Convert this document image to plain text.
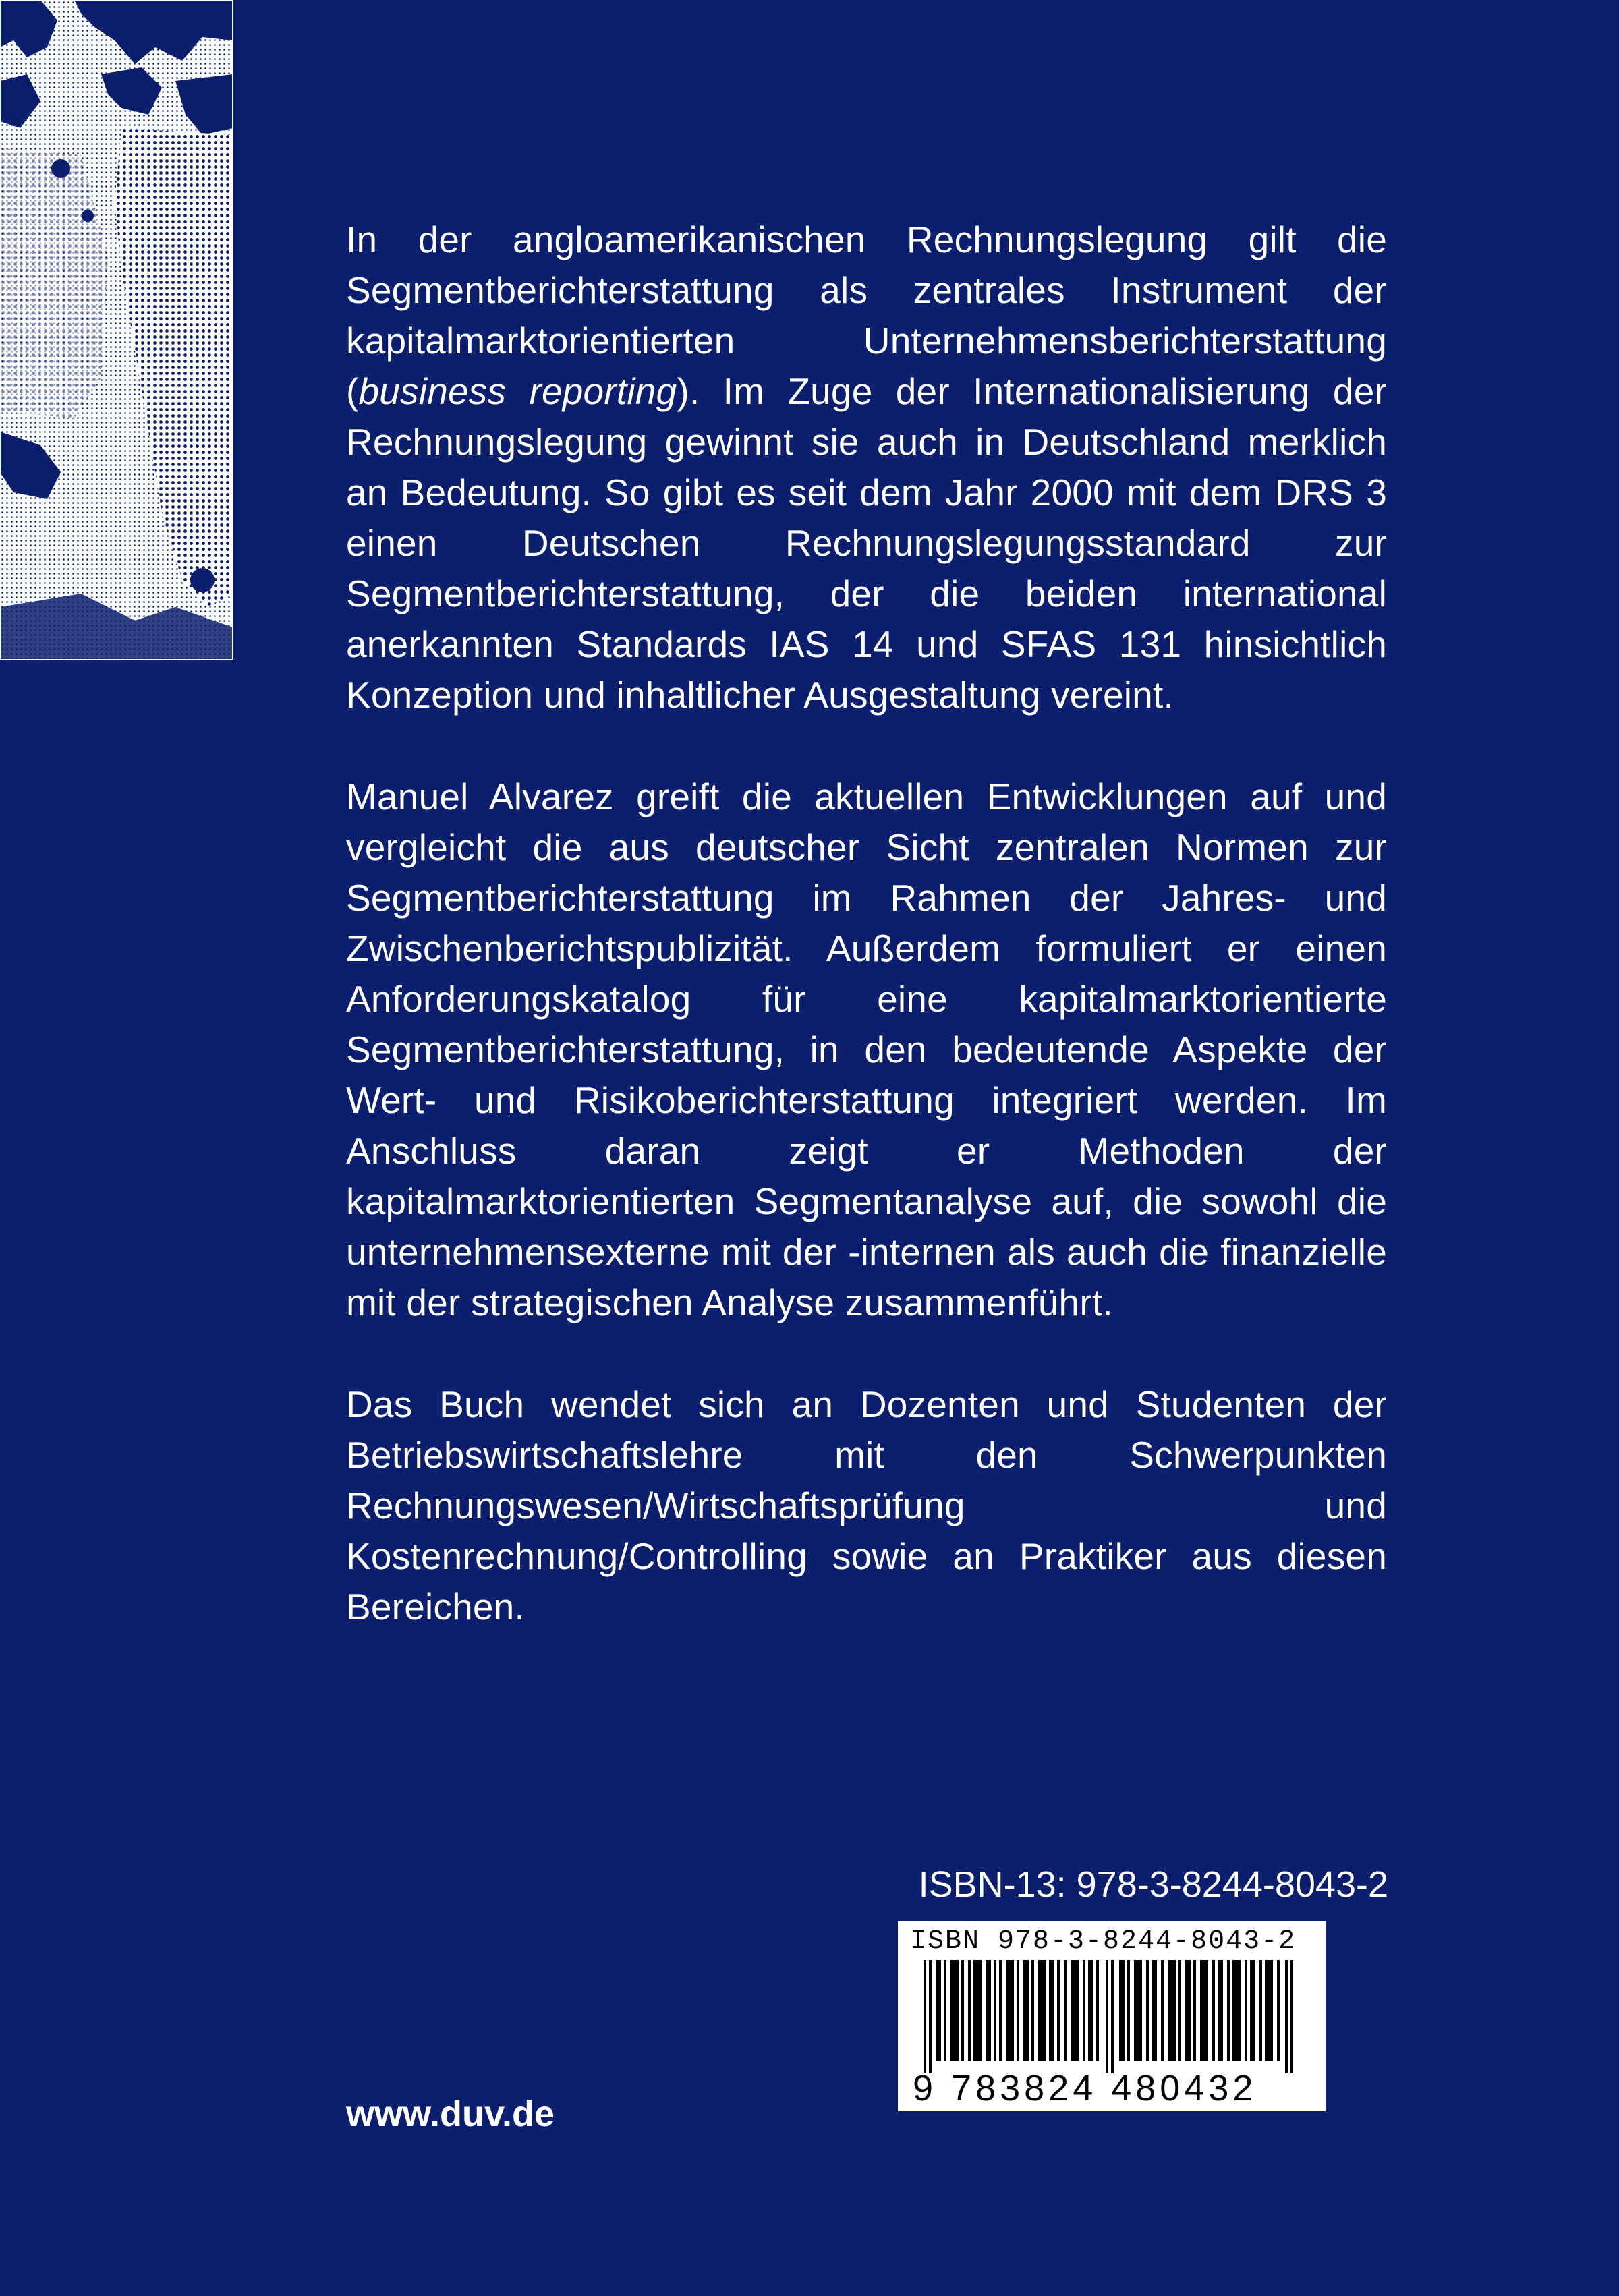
In der angloamerikanischen Rechnungslegung gilt die Segmentberichterstattung als zentrales Instrument der kapitalmarktorientierten Unternehmensberichterstattung (business reporting). Im Zuge der Internationalisierung der Rechnungslegung gewinnt sie auch in Deutschland merklich an Bedeutung. So gibt es seit dem Jahr 2000 mit dem DRS 3 einen Deutschen Rechnungslegungsstandard zur Segmentberichterstattung, der die beiden international anerkannten Standards IAS 14 und SFAS 131 hinsichtlich Konzeption und inhaltlicher Ausgestaltung vereint.

Manuel Alvarez greift die aktuellen Entwicklungen auf und vergleicht die aus deutscher Sicht zentralen Normen zur Segmentberichterstattung im Rahmen der Jahres- und Zwischenberichtspublizität. Außerdem formuliert er einen Anforderungskatalog für eine kapitalmarktorientierte Segmentberichterstattung, in den bedeutende Aspekte der Wert- und Risikoberichterstattung integriert werden. Im Anschluss daran zeigt er Methoden der kapitalmarktorientierten Segmentanalyse auf, die sowohl die unternehmensexterne mit der -internen als auch die finanzielle mit der strategischen Analyse zusammenführt.

Das Buch wendet sich an Dozenten und Studenten der Betriebswirtschaftslehre mit den Schwerpunkten Rechnungswesen/Wirtschaftsprüfung und Kostenrechnung/Controlling sowie an Praktiker aus diesen Bereichen.

ISBN-13: 978-3-8244-8043-2
ISBN 978-3-8244-8043-2
9 783824 480432
www.duv.de
